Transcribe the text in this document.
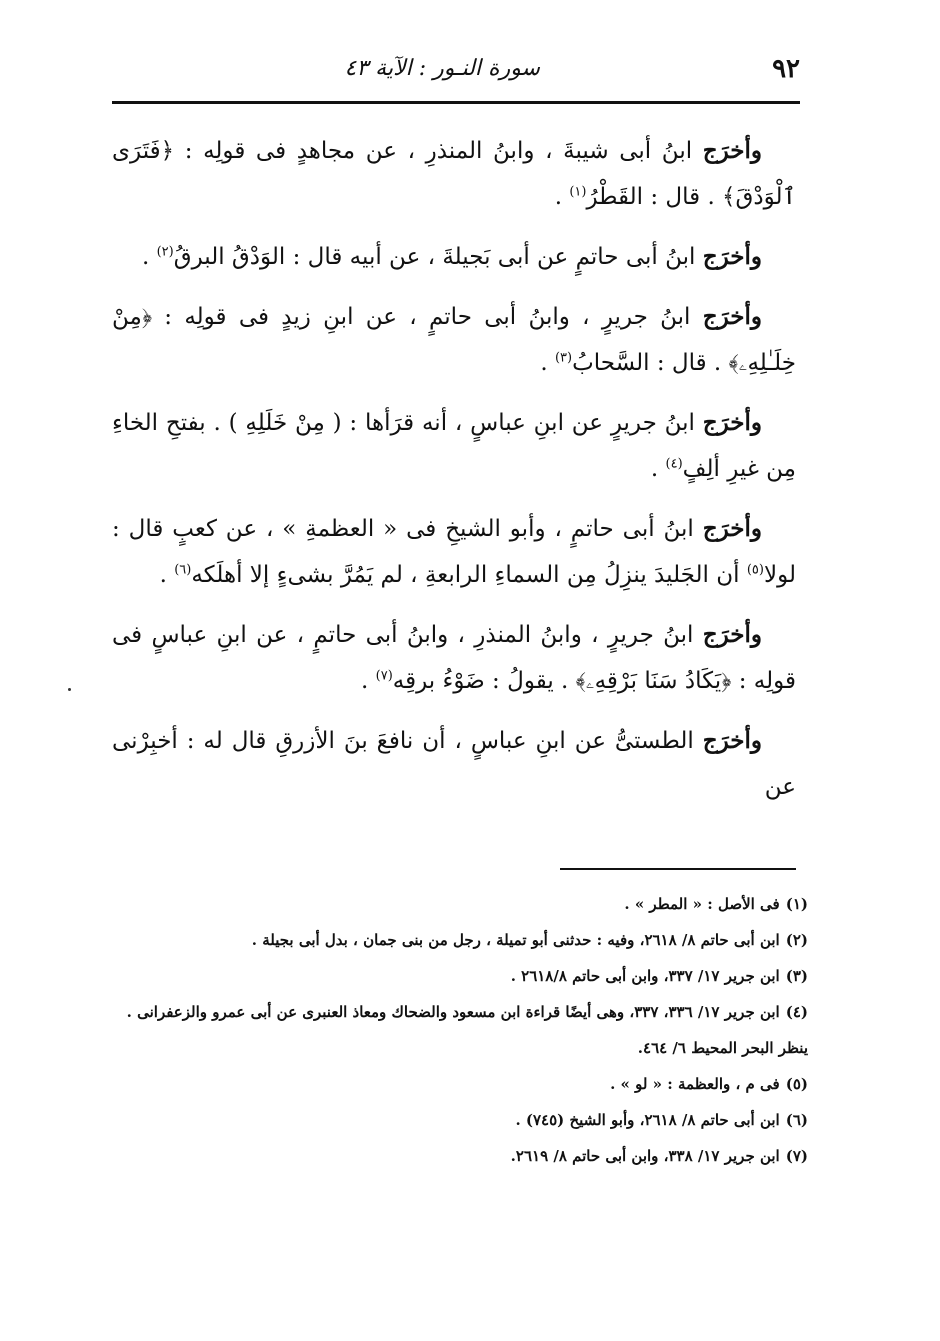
٩٢
سورة النـور : الآية ٤٣

وأخرَج ابنُ أبى شيبةَ ، وابنُ المنذرِ ، عن مجاهدٍ فى قولِه : ﴿فَتَرَى ٱلْوَدْقَ﴾ . قال : القَطْرُ$^{(١)}$ .

وأخرَج ابنُ أبى حاتمٍ عن أبى بَجيلةَ ، عن أبيه قال : الوَدْقُ البرقُ$^{(٢)}$ .

وأخرَج ابنُ جريرٍ ، وابنُ أبى حاتمٍ ، عن ابنِ زيدٍ فى قولِه : ﴿مِنْ خِلَـٰلِهِۦ﴾ . قال : السَّحابُ$^{(٣)}$ .

وأخرَج ابنُ جريرٍ عن ابنِ عباسٍ ، أنه قرَأها : ( مِنْ خَلَلِهِ ) . بفتحِ الخاءِ مِن غيرِ ألِفٍ$^{(٤)}$ .

وأخرَج ابنُ أبى حاتمٍ ، وأبو الشيخِ فى « العظمةِ » ، عن كعبٍ قال : لولا$^{(٥)}$ أن الجَليدَ ينزِلُ مِن السماءِ الرابعةِ ، لم يَمُرَّ بشىءٍ إلا أهلَكه$^{(٦)}$ .

وأخرَج ابنُ جريرٍ ، وابنُ المنذرِ ، وابنُ أبى حاتمٍ ، عن ابنِ عباسٍ فى قولِه : ﴿يَكَادُ سَنَا بَرْقِهِۦ﴾ . يقولُ : ضَوْءُ برقِه$^{(٧)}$ .

وأخرَج الطستىُّ عن ابنِ عباسٍ ، أن نافعَ بنَ الأزرقِ قال له : أخبِرْنى عن

(١)فى الأصل : « المطر » .

(٢)ابن أبى حاتم ٨/ ٢٦١٨، وفيه : حدثنى أبو تميلة ، رجل من بنى جمان ، بدل أبى بجيلة .

(٣)ابن جرير ١٧/ ٣٣٧، وابن أبى حاتم ٢٦١٨/٨ .

(٤)ابن جرير ١٧/ ٣٣٦، ٣٣٧، وهى أيضًا قراءة ابن مسعود والضحاك ومعاذ العنبرى عن أبى عمرو والزعفرانى . ينظر البحر المحيط ٦/ ٤٦٤.

(٥)فى م ، والعظمة : « لو » .

(٦)ابن أبى حاتم ٨/ ٢٦١٨، وأبو الشيخ (٧٤٥) .

(٧)ابن جرير ١٧/ ٣٣٨، وابن أبى حاتم ٨/ ٢٦١٩.
